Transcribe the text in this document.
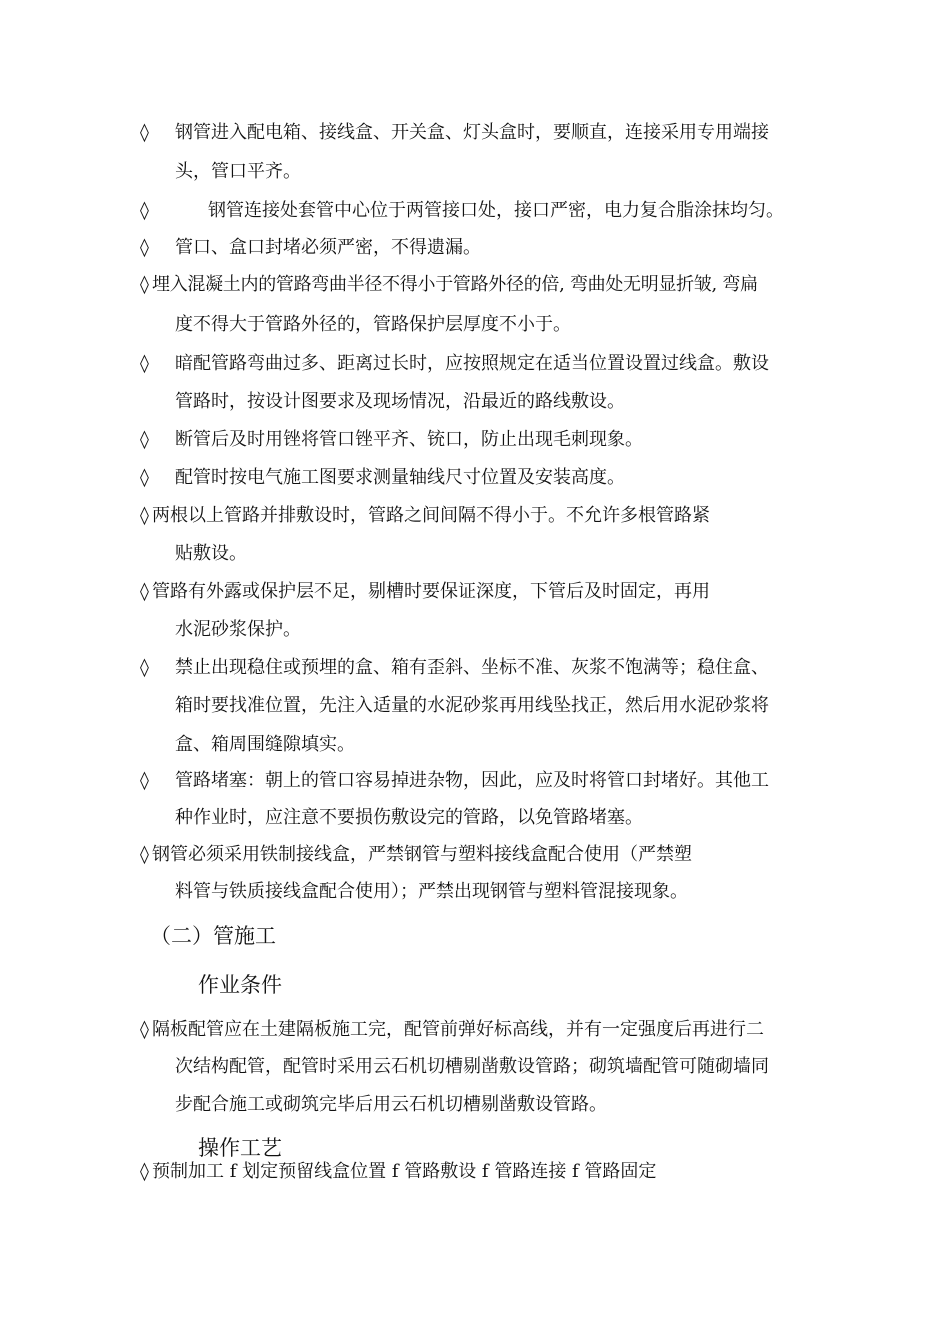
◊ 钢管进入配电箱、接线盒、开关盒、灯头盒时，要顺直，连接采用专用端接
头，管口平齐。
◊	钢管连接处套管中心位于两管接口处，接口严密，电力复合脂涂抹均匀。
◊ 管口、盒口封堵必须严密，不得遗漏。
◊ 埋入混凝土内的管路弯曲半径不得小于管路外径的倍, 弯曲处无明显折皱, 弯扁
度不得大于管路外径的，管路保护层厚度不小于。
◊ 暗配管路弯曲过多、距离过长时，应按照规定在适当位置设置过线盒。敷设
管路时，按设计图要求及现场情况，沿最近的路线敷设。
◊ 断管后及时用锉将管口锉平齐、铳口，防止出现毛刺现象。
◊ 配管时按电气施工图要求测量轴线尺寸位置及安装高度。
◊ 两根以上管路并排敷设时，管路之间间隔不得小于。不允许多根管路紧
贴敷设。
◊ 管路有外露或保护层不足，剔槽时要保证深度，下管后及时固定，再用
水泥砂浆保护。
◊ 禁止出现稳住或预埋的盒、箱有歪斜、坐标不准、灰浆不饱满等；稳住盒、
箱时要找准位置，先注入适量的水泥砂浆再用线坠找正，然后用水泥砂浆将
盒、箱周围缝隙填实。
◊ 管路堵塞：朝上的管口容易掉进杂物，因此，应及时将管口封堵好。其他工
种作业时，应注意不要损伤敷设完的管路，以免管路堵塞。
◊ 钢管必须采用铁制接线盒，严禁钢管与塑料接线盒配合使用（严禁塑
料管与铁质接线盒配合使用）；严禁出现钢管与塑料管混接现象。
（二）管施工
作业条件
◊ 隔板配管应在土建隔板施工完，配管前弹好标高线，并有一定强度后再进行二
次结构配管，配管时采用云石机切槽剔凿敷设管路；砌筑墙配管可随砌墙同
步配合施工或砌筑完毕后用云石机切槽剔凿敷设管路。
操作工艺
◊ 预制加工 f 划定预留线盒位置 f 管路敷设 f 管路连接 f 管路固定
